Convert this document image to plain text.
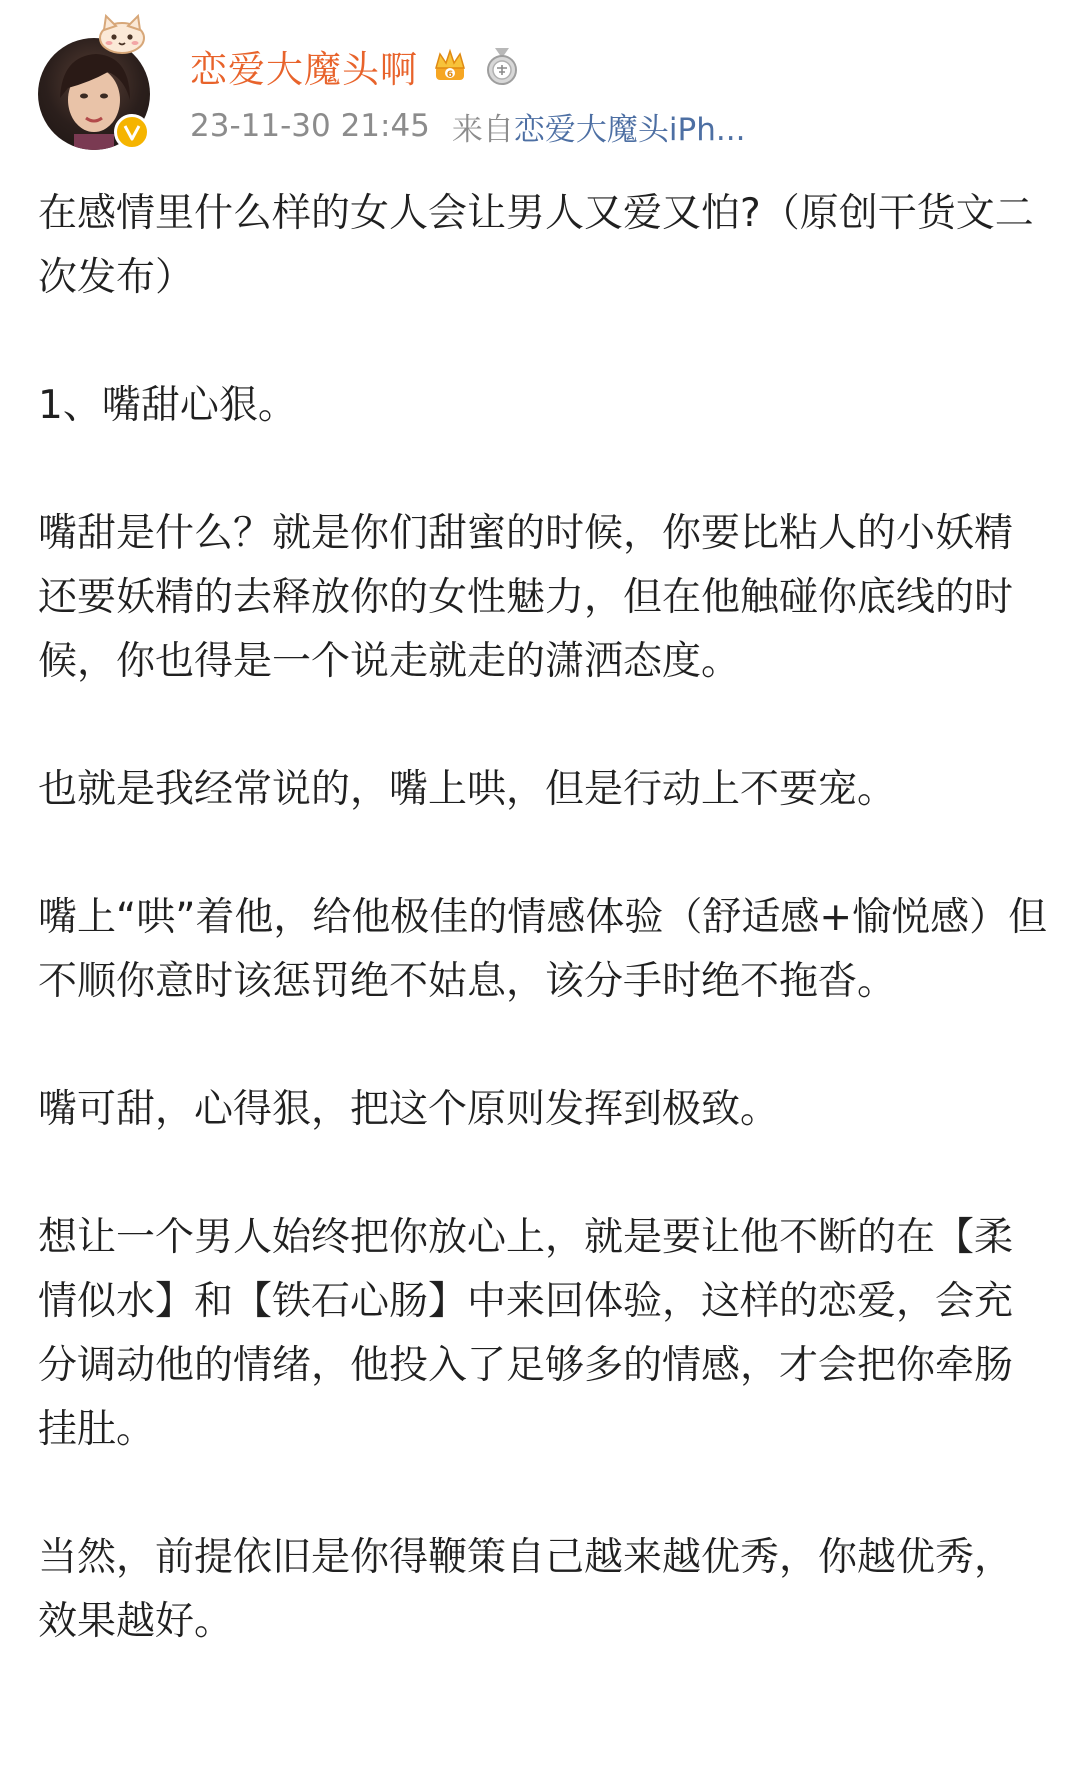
恋爱大魔头啊	6
23-11-30 21:45 来自 恋爱大魔头iPh...

在感情里什么样的女人会让男人又爱又怕?（原创干货文二次发布）

1、嘴甜心狠。

嘴甜是什么？就是你们甜蜜的时候，你要比粘人的小妖精还要妖精的去释放你的女性魅力，但在他触碰你底线的时候，你也得是一个说走就走的潇洒态度。

也就是我经常说的，嘴上哄，但是行动上不要宠。

嘴上“哄”着他，给他极佳的情感体验（舒适感+愉悦感）但不顺你意时该惩罚绝不姑息，该分手时绝不拖沓。

嘴可甜，心得狠，把这个原则发挥到极致。

想让一个男人始终把你放心上，就是要让他不断的在【柔情似水】和【铁石心肠】中来回体验，这样的恋爱，会充分调动他的情绪，他投入了足够多的情感，才会把你牵肠挂肚。

当然，前提依旧是你得鞭策自己越来越优秀，你越优秀，效果越好。
